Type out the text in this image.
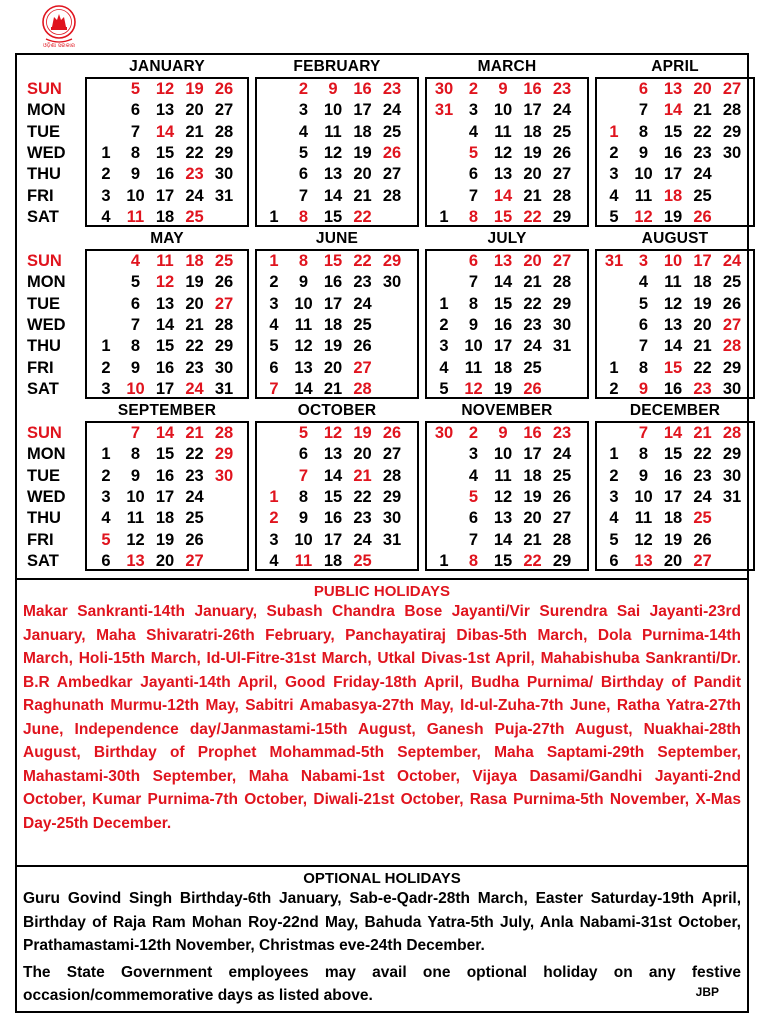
ଓଡ଼ିଶା ସରକାର
JANUARY
SUN
MON
TUE
WED
THU
FRI
SAT
1
2
3
4
5
6
7
8
9
10
11
12
13
14
15
16
17
18
19
20
21
22
23
24
25
26
27
28
29
30
31
FEBRUARY
1
2
3
4
5
6
7
8
9
10
11
12
13
14
15
16
17
18
19
20
21
22
23
24
25
26
27
28
MARCH
30
31
1
2
3
4
5
6
7
8
9
10
11
12
13
14
15
16
17
18
19
20
21
22
23
24
25
26
27
28
29
APRIL
1
2
3
4
5
6
7
8
9
10
11
12
13
14
15
16
17
18
19
20
21
22
23
24
25
26
27
28
29
30
MAY
SUN
MON
TUE
WED
THU
FRI
SAT
1
2
3
4
5
6
7
8
9
10
11
12
13
14
15
16
17
18
19
20
21
22
23
24
25
26
27
28
29
30
31
JUNE
1
2
3
4
5
6
7
8
9
10
11
12
13
14
15
16
17
18
19
20
21
22
23
24
25
26
27
28
29
30
JULY
1
2
3
4
5
6
7
8
9
10
11
12
13
14
15
16
17
18
19
20
21
22
23
24
25
26
27
28
29
30
31
AUGUST
31
1
2
3
4
5
6
7
8
9
10
11
12
13
14
15
16
17
18
19
20
21
22
23
24
25
26
27
28
29
30
SEPTEMBER
SUN
MON
TUE
WED
THU
FRI
SAT
1
2
3
4
5
6
7
8
9
10
11
12
13
14
15
16
17
18
19
20
21
22
23
24
25
26
27
28
29
30
OCTOBER
1
2
3
4
5
6
7
8
9
10
11
12
13
14
15
16
17
18
19
20
21
22
23
24
25
26
27
28
29
30
31
NOVEMBER
30
1
2
3
4
5
6
7
8
9
10
11
12
13
14
15
16
17
18
19
20
21
22
23
24
25
26
27
28
29
DECEMBER
1
2
3
4
5
6
7
8
9
10
11
12
13
14
15
16
17
18
19
20
21
22
23
24
25
26
27
28
29
30
31
PUBLIC HOLIDAYS
Makar Sankranti-14th January, Subash Chandra Bose Jayanti/Vir Surendra Sai Jayanti-23rd January, Maha Shivaratri-26th February, Panchayatiraj Dibas-5th March, Dola Purnima-14th March, Holi-15th March, Id-Ul-Fitre-31st March, Utkal Divas-1st April, Mahabishuba Sankranti/Dr. B.R Ambedkar Jayanti-14th April, Good Friday-18th April, Budha Purnima/ Birthday of Pandit Raghunath Murmu-12th May, Sabitri Amabasya-27th May, Id-ul-Zuha-7th June, Ratha Yatra-27th June, Independence day/Janmastami-15th August, Ganesh Puja-27th August, Nuakhai-28th August, Birthday of Prophet Mohammad-5th September, Maha Saptami-29th September, Mahastami-30th September, Maha Nabami-1st October, Vijaya Dasami/Gandhi Jayanti-2nd October, Kumar Purnima-7th October, Diwali-21st October, Rasa Purnima-5th November, X-Mas Day-25th December.
OPTIONAL HOLIDAYS
Guru Govind Singh Birthday-6th January, Sab-e-Qadr-28th March, Easter Saturday-19th April, Birthday of Raja Ram Mohan Roy-22nd May, Bahuda Yatra-5th July, Anla Nabami-31st October, Prathamastami-12th November, Christmas eve-24th December.
The State Government employees may avail one optional holiday on any festive occasion/commemorative days as listed above.	JBP
